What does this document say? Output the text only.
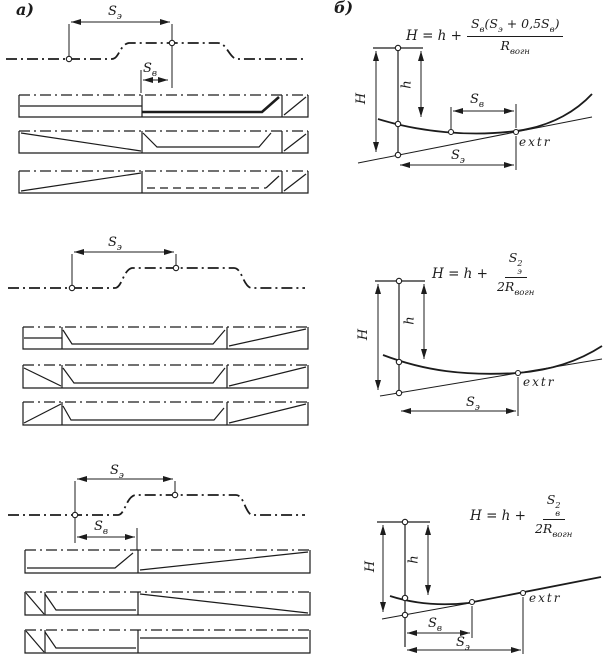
а)	$S_э$
$S_в$
б)
$H = h + \frac{S_в(S_э + 0,5S_в)}{R_{вогн}}$
H
h
$S_в$
$S_э$
extr
$S_э$
H = h + S 2
э
$2R_{вогн}$
H
h
$S_э$
extr
$S_э$
$S_в$
H = h + S 2
в
$2R_{вогн}$
H
h
$S_в$
$S_э$
extr
